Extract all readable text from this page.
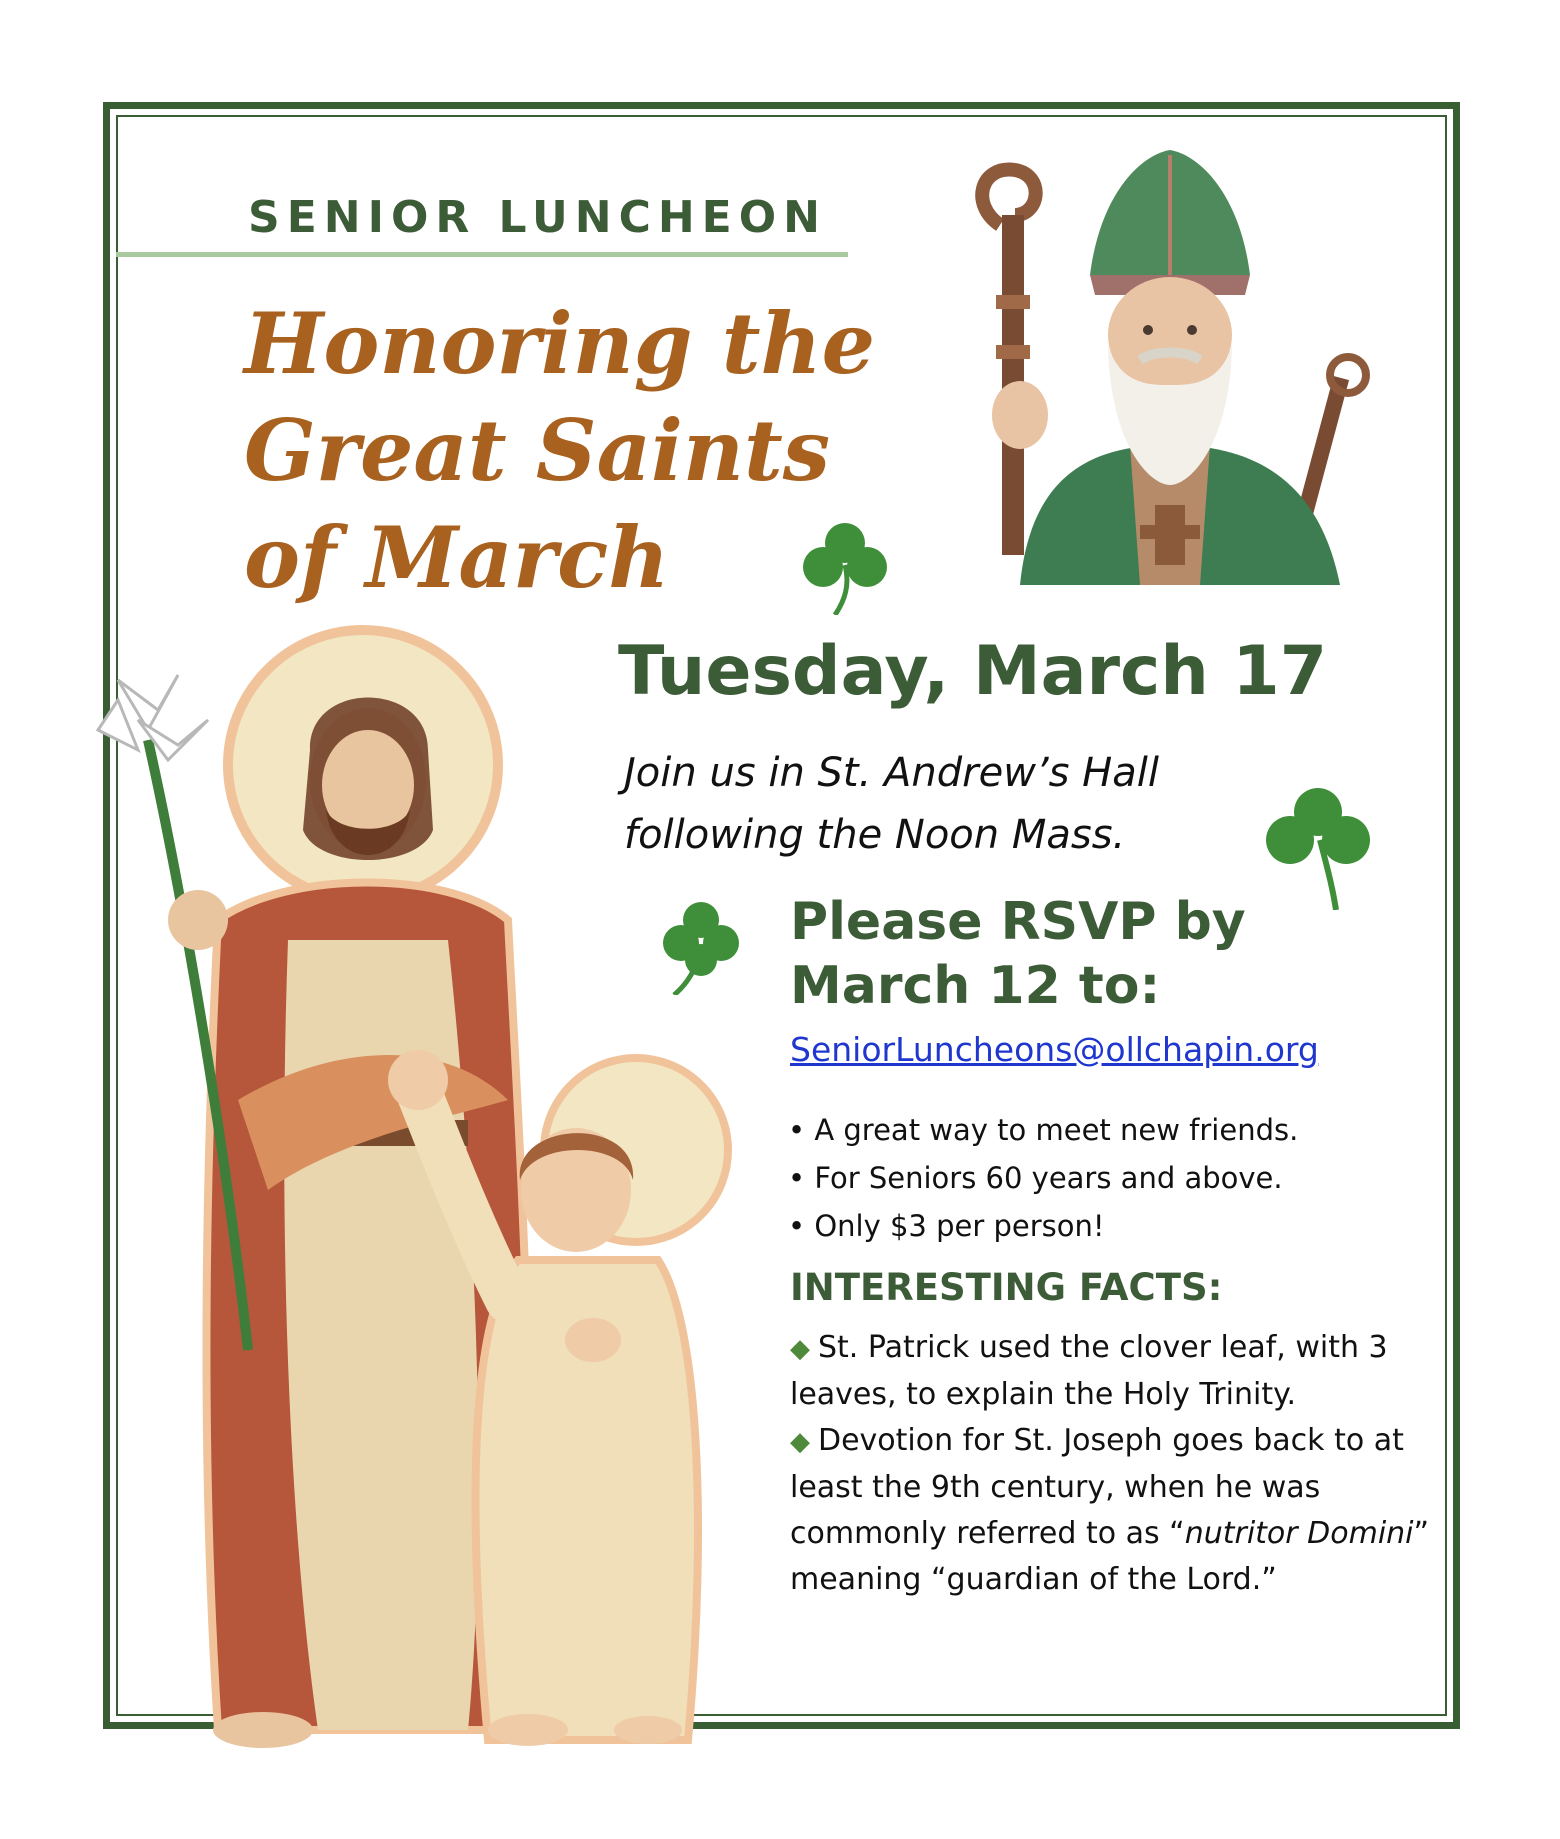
SENIOR LUNCHEON
Honoring the
Great Saints
of March
Tuesday, March 17
Join us in St. Andrew’s Hall
following the Noon Mass.
Please RSVP by
March 12 to:
SeniorLuncheons@ollchapin.org
• A great way to meet new friends.
• For Seniors 60 years and above.
• Only $3 per person!
INTERESTING FACTS:

◆ St. Patrick used the clover leaf, with 3 leaves, to explain the Holy Trinity.

◆ Devotion for St. Joseph goes back to at least the 9th century, when he was commonly referred to as “nutritor Domini” meaning “guardian of the Lord.”
